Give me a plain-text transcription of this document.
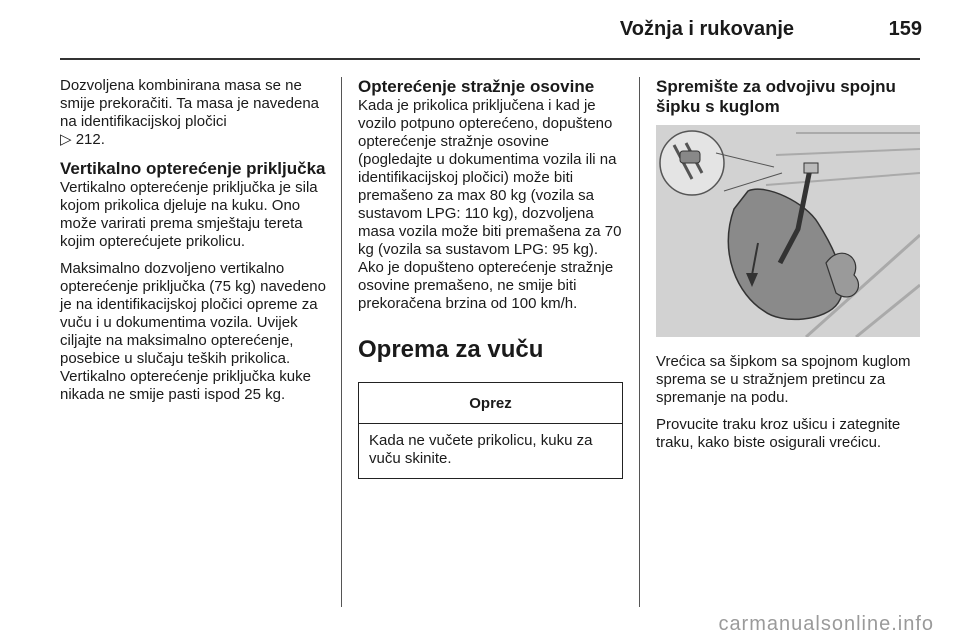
Vožnja i rukovanje	159

Dozvoljena kombinirana masa se ne smije prekoračiti. Ta masa je navedena na identifikacijskoj pločici
▷ 212.

Vertikalno opterećenje priključka

Vertikalno opterećenje priključka je sila kojom prikolica djeluje na kuku. Ono može varirati prema smještaju tereta kojim opterećujete prikolicu.

Maksimalno dozvoljeno vertikalno opterećenje priključka (75 kg) navedeno je na identifikacijskoj pločici opreme za vuču i u dokumentima vozila. Uvijek ciljajte na maksimalno opterećenje, posebice u slučaju teških prikolica. Vertikalno opterećenje priključka kuke nikada ne smije pasti ispod 25 kg.

Opterećenje stražnje osovine

Kada je prikolica priključena i kad je vozilo potpuno opterećeno, dopušteno opterećenje stražnje osovine (pogledajte u dokumentima vozila ili na identifikacijskoj pločici) može biti premašeno za max 80 kg (vozila sa sustavom LPG: 110 kg), dozvoljena masa vozila može biti premašena za 70 kg (vozila sa sustavom LPG: 95 kg). Ako je dopušteno opterećenje stražnje osovine premašeno, ne smije biti prekoračena brzina od 100 km/h.

Oprema za vuču
Oprez
Kada ne vučete prikolicu, kuku za vuču skinite.
Spremište za odvojivu spojnu šipku s kuglom

Vrećica sa šipkom sa spojnom kuglom sprema se u stražnjem pretincu za spremanje na podu.

Provucite traku kroz ušicu i zategnite traku, kako biste osigurali vrećicu.

carmanualsonline.info
